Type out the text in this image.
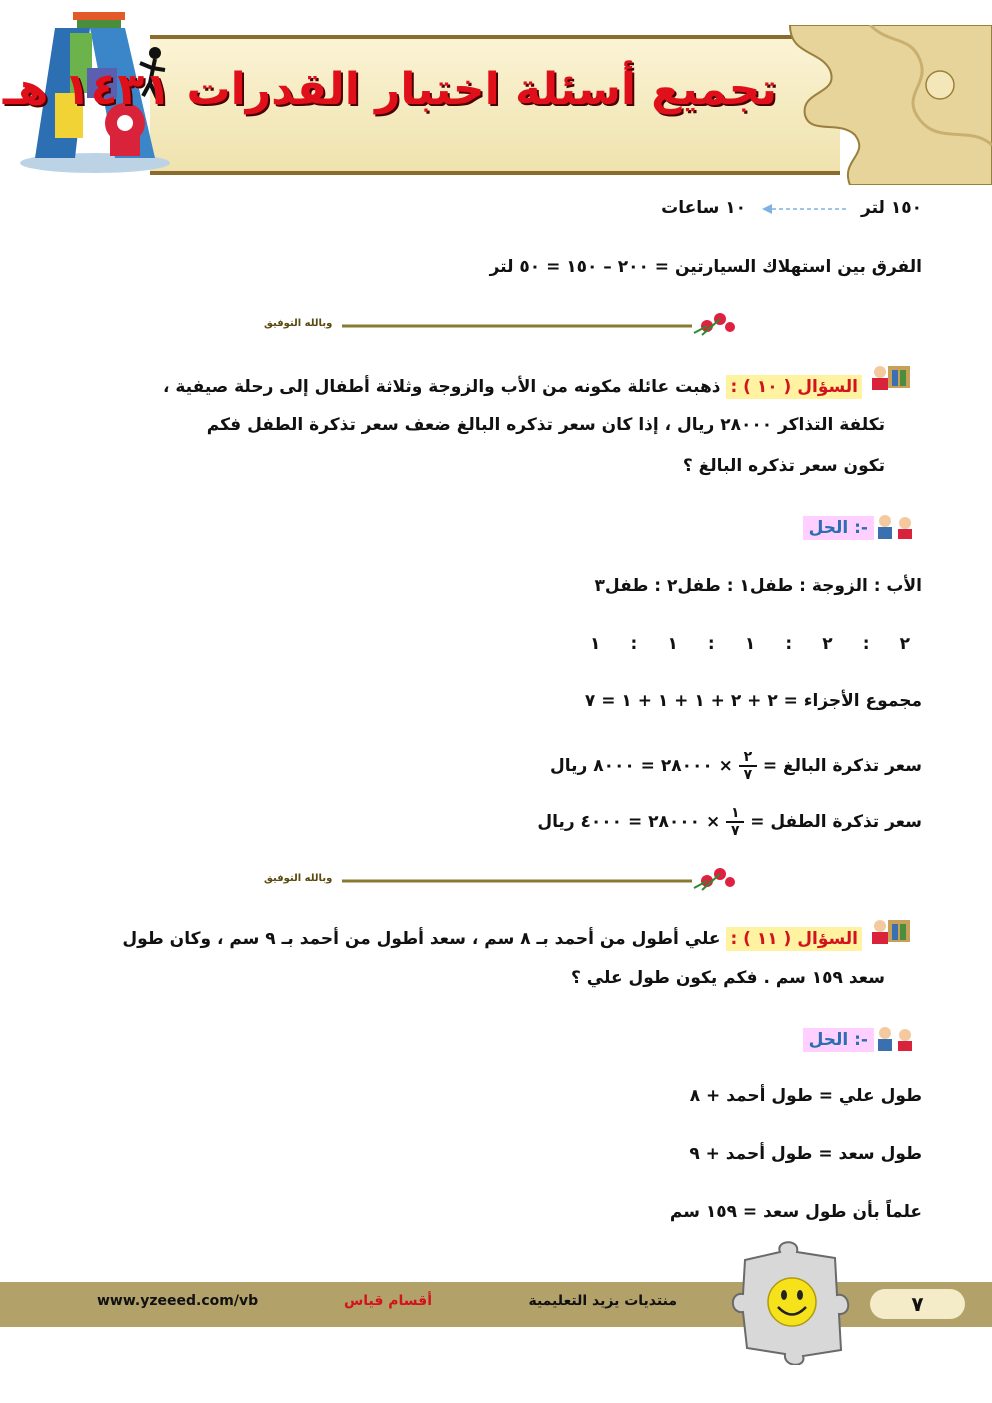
تجميع أسئلة اختبار القدرات ١٤٣١ هـ
١٥٠ لتر
١٠ ساعات
الفرق بين استهلاك السيارتين = ٢٠٠ – ١٥٠ = ٥٠ لتر
وبالله التوفيق
السؤال ( ١٠ ) : ذهبت عائلة مكونه من الأب والزوجة وثلاثة أطفال إلى رحلة صيفية ،
تكلفة التذاكر ٢٨٠٠٠ ريال ، إذا كان سعر تذكره البالغ ضعف سعر تذكرة الطفل فكم
تكون سعر تذكره البالغ ؟
الحل :-
الأب : الزوجة : طفل١ : طفل٢ : طفل٣
٢
:
٢
:
١
:
١
:
١
مجموع الأجزاء = ٢ + ٢ + ١ + ١ + ١ = ٧
سعر تذكرة البالغ =
٢
٧
× ٢٨٠٠٠ = ٨٠٠٠ ريال
سعر تذكرة الطفل =
١
٧
× ٢٨٠٠٠ = ٤٠٠٠ ريال
وبالله التوفيق
السؤال ( ١١ ) : علي أطول من أحمد بـ ٨ سم ، سعد أطول من أحمد بـ ٩ سم ، وكان طول
سعد ١٥٩ سم . فكم يكون طول علي ؟
الحل :-
طول علي = طول أحمد + ٨
طول سعد = طول أحمد + ٩
علماً بأن طول سعد = ١٥٩ سم
٧
منتديات يزيد التعليمية
أقسام قياس
www.yzeeed.com/vb
